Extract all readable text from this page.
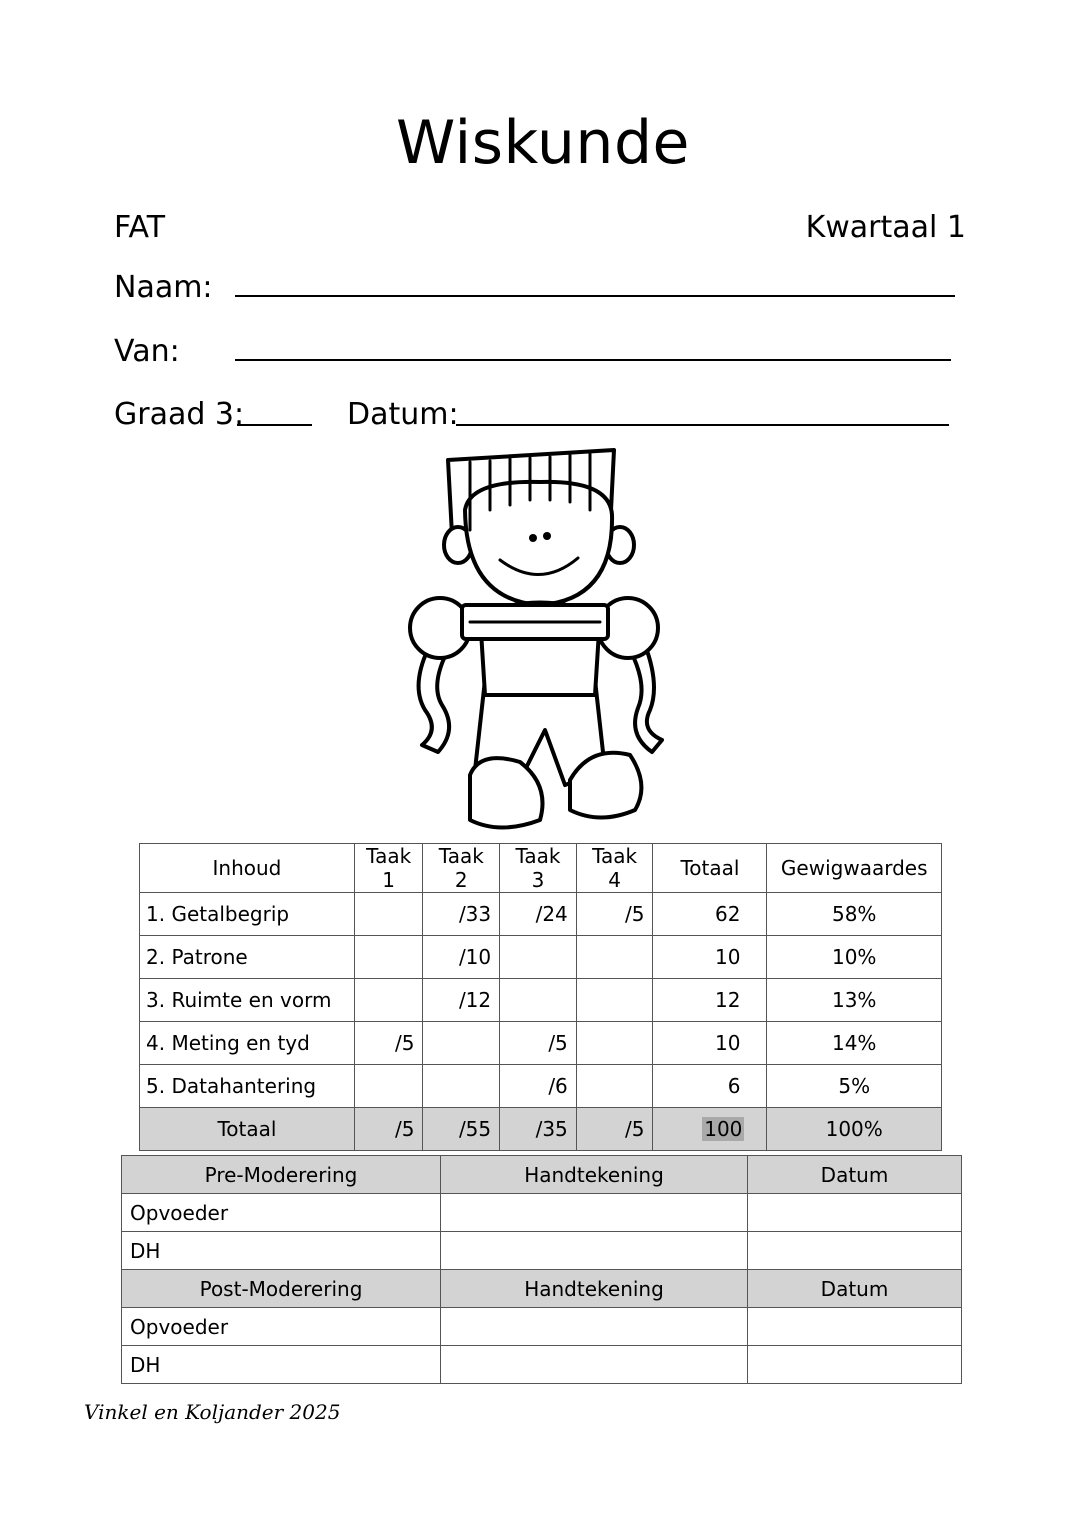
Wiskunde
FAT	Kwartaal 1
Naam:
Van:
Graad 3:	Datum:
Inhoud	Taak 1	Taak 2	Taak 3	Taak 4	Totaal	Gewigwaardes
1. Getalbegrip		/33	/24	/5	62	58%
2. Patrone		/10			10	10%
3. Ruimte en vorm		/12			12	13%
4. Meting en tyd	/5		/5		10	14%
5. Datahantering			/6		6	5%
Totaal	/5	/55	/35	/5	100	100%
Pre-Moderering	Handtekening	Datum
Opvoeder		
DH		
Post-Moderering	Handtekening	Datum
Opvoeder		
DH		
Vinkel en Koljander 2025
